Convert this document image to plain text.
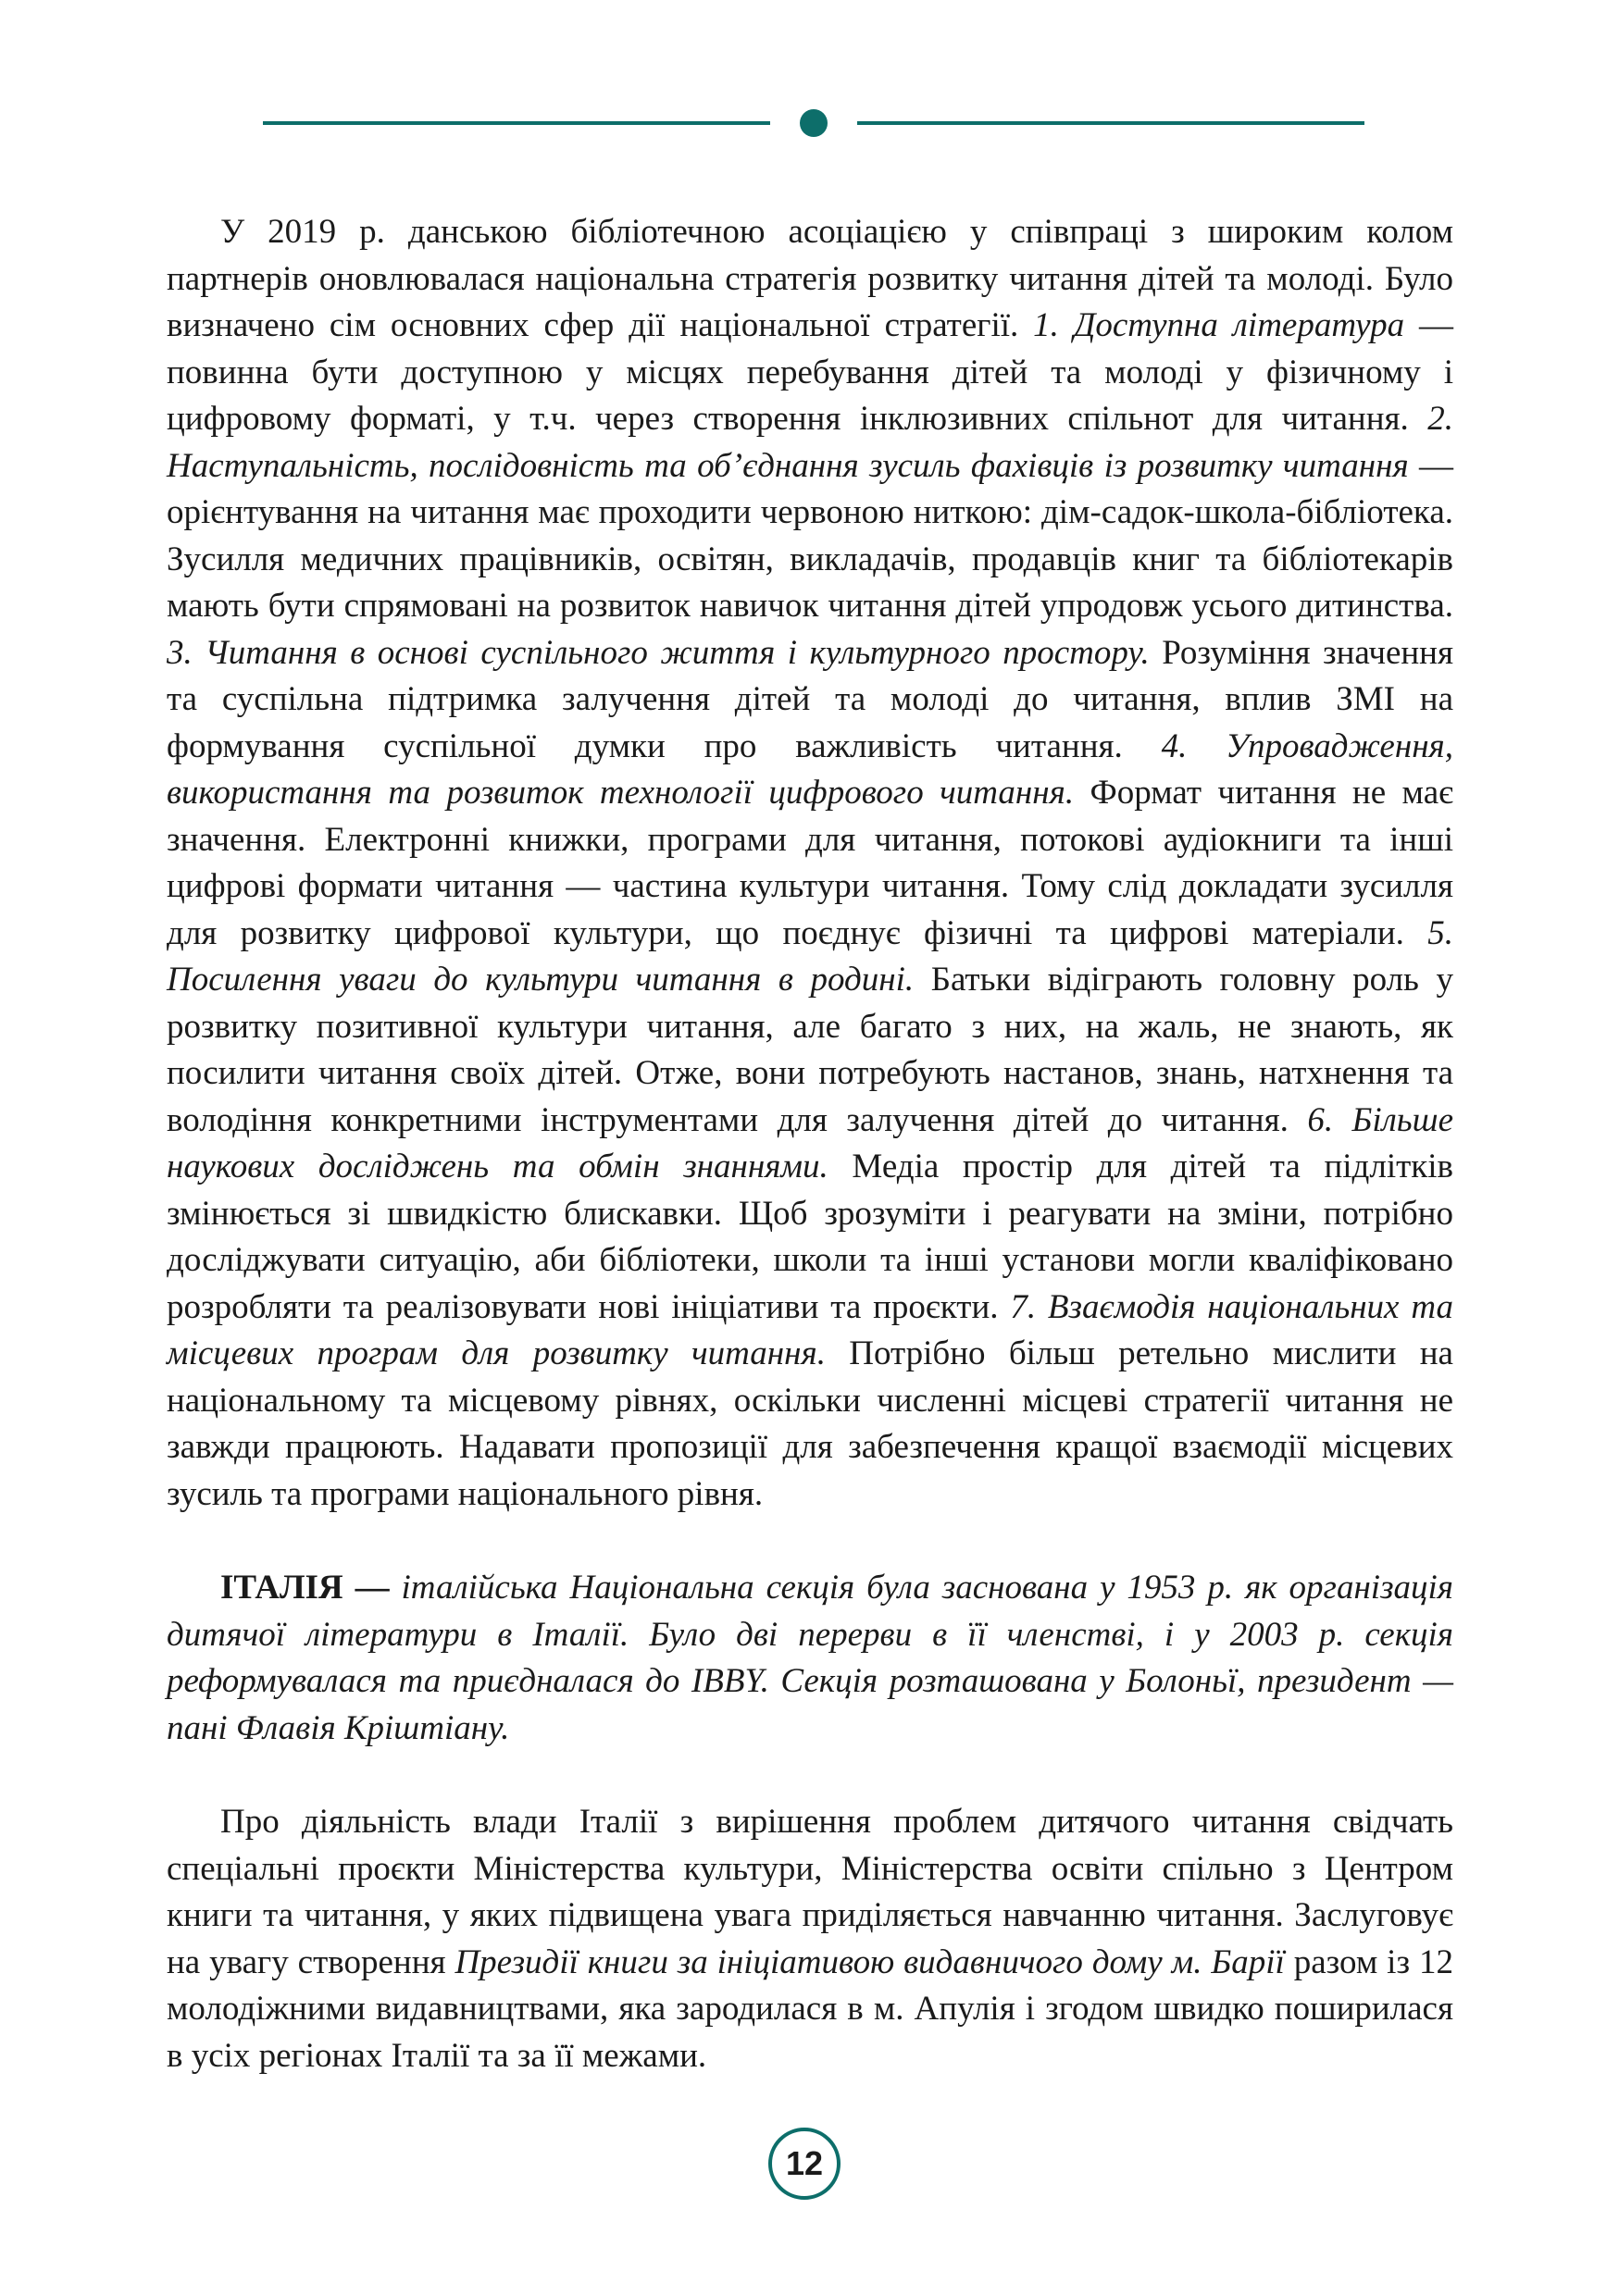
У 2019 р. данською бібліотечною асоціацією у співпраці з широким колом партнерів оновлювалася національна стратегія розвитку читання дітей та молоді. Було визначено сім основних сфер дії національної стратегії. 1. Доступна література — повинна бути доступною у місцях перебування дітей та молоді у фізичному і цифровому форматі, у т.ч. через створення інклюзивних спільнот для читання. 2. Наступальність, послідовність та об’єднання зусиль фахівців із розвитку читання — орієнтування на читання має проходити червоною ниткою: дім-садок-школа-бібліотека. Зусилля медичних працівників, освітян, викладачів, продавців книг та бібліотекарів мають бути спрямовані на розвиток навичок читання дітей упродовж усього дитинства. 3. Читання в основі суспільного життя і культурного простору. Розуміння значення та суспільна підтримка залучення дітей та молоді до читання, вплив ЗМІ на формування суспільної думки про важливість читання. 4. Упровадження, використання та розвиток технології цифрового читання. Формат читання не має значення. Електронні книжки, програми для читання, потокові аудіокниги та інші цифрові формати читання — частина культури читання. Тому слід докладати зусилля для розвитку цифрової культури, що поєднує фізичні та цифрові матеріали. 5. Посилення уваги до культури читання в родині. Батьки відіграють головну роль у розвитку позитивної культури читання, але багато з них, на жаль, не знають, як посилити читання своїх дітей. Отже, вони потребують настанов, знань, натхнення та володіння конкретними інструментами для залучення дітей до читання. 6. Більше наукових досліджень та обмін знаннями. Медіа простір для дітей та підлітків змінюється зі швидкістю блискавки. Щоб зрозуміти і реагувати на зміни, потрібно досліджувати ситуацію, аби бібліотеки, школи та інші установи могли кваліфіковано розробляти та реалізовувати нові ініціативи та проєкти. 7. Взаємодія національних та місцевих програм для розвитку читання. Потрібно більш ретельно мислити на національному та місцевому рівнях, оскільки численні місцеві стратегії читання не завжди працюють. Надавати пропозиції для забезпечення кращої взаємодії місцевих зусиль та програми національного рівня.

ІТАЛІЯ — італійська Національна секція була заснована у 1953 р. як організація дитячої літератури в Італії. Було дві перерви в її членстві, і у 2003 р. секція реформувалася та приєдналася до IBBY. Секція розташована у Болоньї, президент — пані Флавія Кріштіану.

Про діяльність влади Італії з вирішення проблем дитячого читання свідчать спеціальні проєкти Міністерства культури, Міністерства освіти спільно з Центром книги та читання, у яких підвищена увага приділяється навчанню читання. Заслуговує на увагу створення Президії книги за ініціативою видавничого дому м. Барії разом із 12 молодіжними видавництвами, яка зародилася в м. Апулія і згодом швидко поширилася в усіх регіонах Італії та за її межами.

12
